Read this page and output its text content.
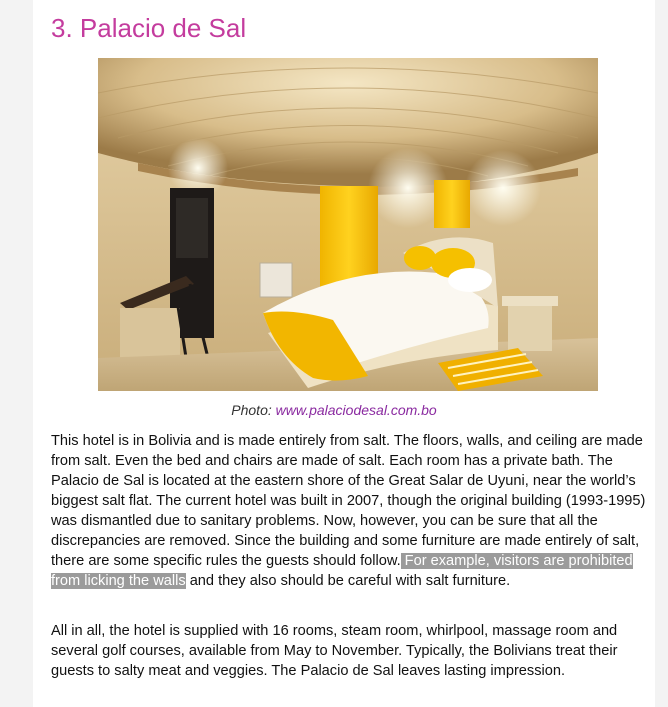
3. Palacio de Sal
Photo: www.palaciodesal.com.bo

This hotel is in Bolivia and is made entirely from salt. The floors, walls, and ceiling are made from salt. Even the bed and chairs are made of salt. Each room has a private bath. The Palacio de Sal is located at the eastern shore of the Great Salar de Uyuni, near the world’s biggest salt flat. The current hotel was built in 2007, though the original building (1993-1995) was dismantled due to sanitary problems. Now, however, you can be sure that all the discrepancies are removed. Since the building and some furniture are made entirely of salt, there are some specific rules the guests should follow. For example, visitors are prohibited from licking the walls and they also should be careful with salt furniture.

All in all, the hotel is supplied with 16 rooms, steam room, whirlpool, massage room and several golf courses, available from May to November. Typically, the Bolivians treat their guests to salty meat and veggies. The Palacio de Sal leaves lasting impression.
